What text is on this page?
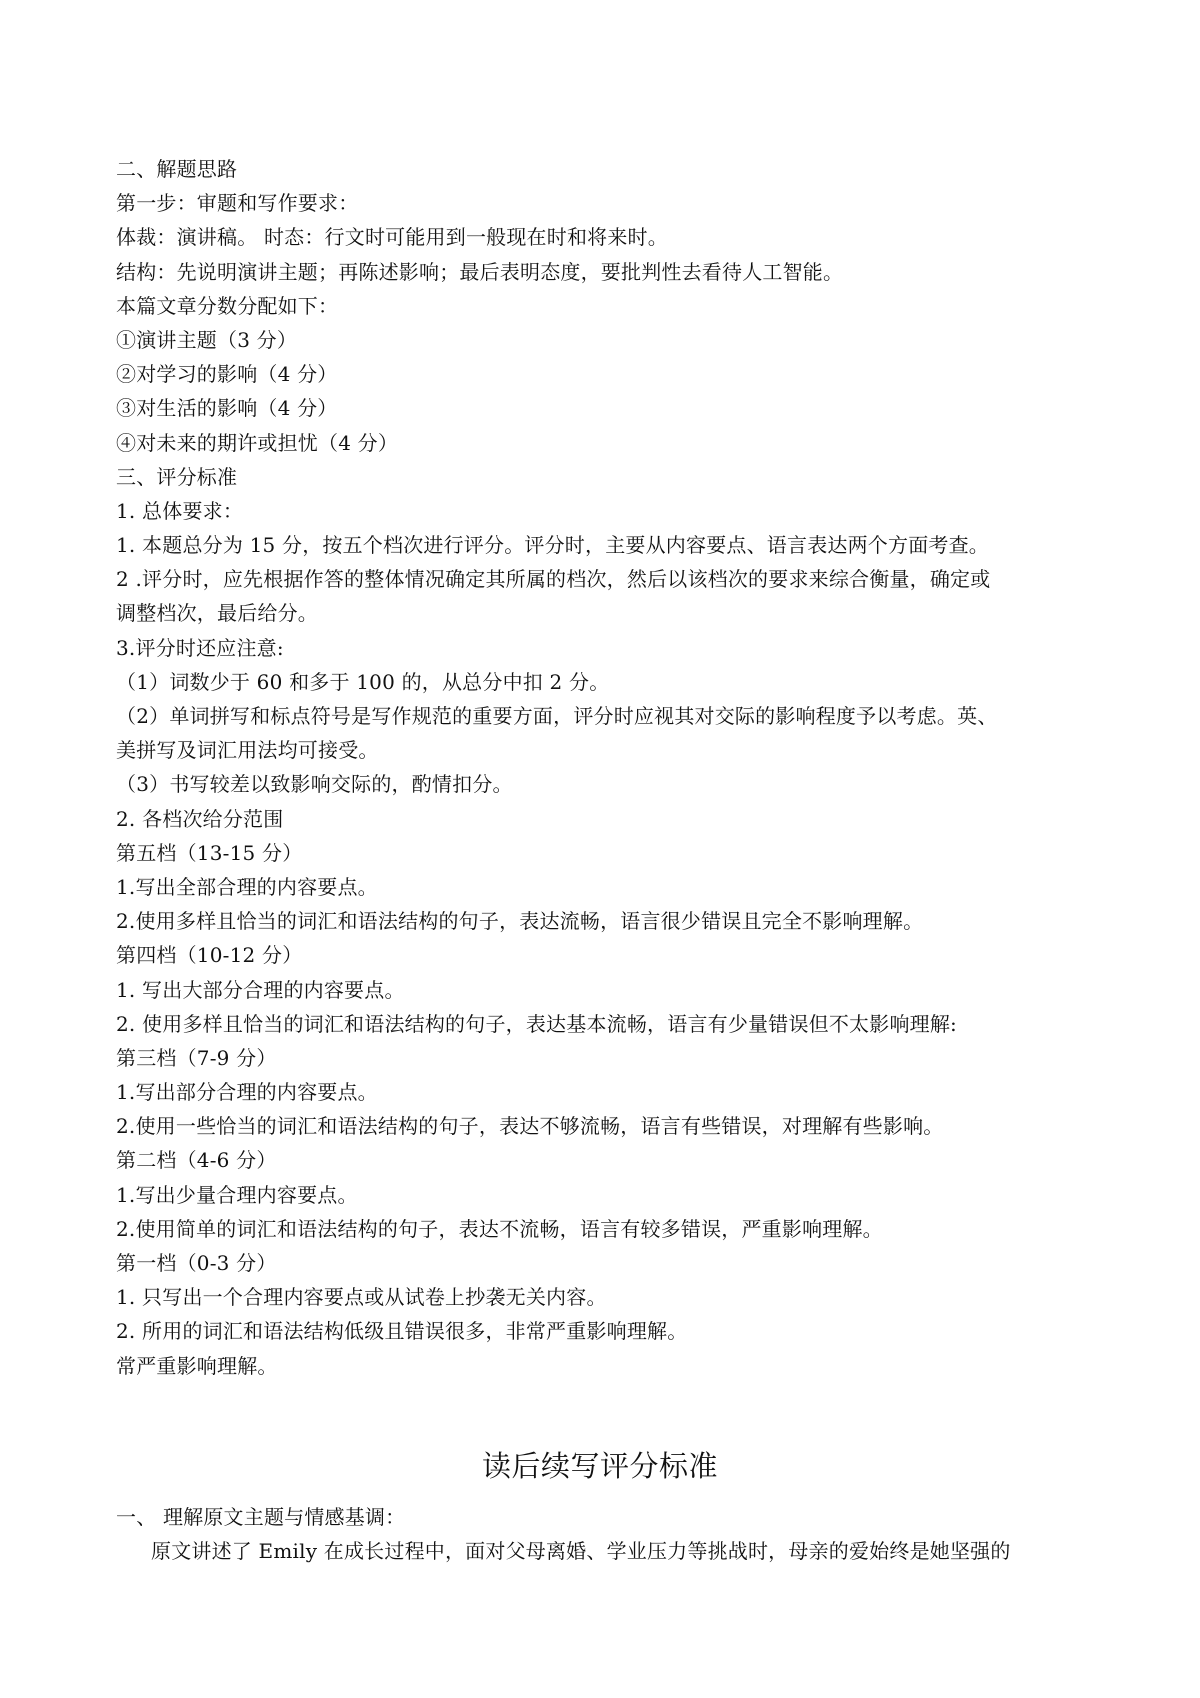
二、解题思路
第一步：审题和写作要求：
体裁：演讲稿。 时态：行文时可能用到一般现在时和将来时。
结构：先说明演讲主题；再陈述影响；最后表明态度，要批判性去看待人工智能。
本篇文章分数分配如下：
①演讲主题（3 分）
②对学习的影响（4 分）
③对生活的影响（4 分）
④对未来的期许或担忧（4 分）
三、评分标准
1. 总体要求：
1. 本题总分为 15 分，按五个档次进行评分。评分时，主要从内容要点、语言表达两个方面考查。
2 .评分时，应先根据作答的整体情况确定其所属的档次，然后以该档次的要求来综合衡量，确定或
调整档次，最后给分。
3.评分时还应注意:
（1）词数少于 60 和多于 100 的，从总分中扣 2 分。
（2）单词拼写和标点符号是写作规范的重要方面，评分时应视其对交际的影响程度予以考虑。英、
美拼写及词汇用法均可接受。
（3）书写较差以致影响交际的，酌情扣分。
2. 各档次给分范围
第五档（13-15 分）
1.写出全部合理的内容要点。
2.使用多样且恰当的词汇和语法结构的句子，表达流畅，语言很少错误且完全不影响理解。
第四档（10-12 分）
1. 写出大部分合理的内容要点。
2. 使用多样且恰当的词汇和语法结构的句子，表达基本流畅，语言有少量错误但不太影响理解:
第三档（7-9 分）
1.写出部分合理的内容要点。
2.使用一些恰当的词汇和语法结构的句子，表达不够流畅，语言有些错误，对理解有些影响。
第二档（4-6 分）
1.写出少量合理内容要点。
2.使用简单的词汇和语法结构的句子，表达不流畅，语言有较多错误，严重影响理解。
第一档（0-3 分）
1. 只写出一个合理内容要点或从试卷上抄袭无关内容。
2. 所用的词汇和语法结构低级且错误很多，非常严重影响理解。
常严重影响理解。
读后续写评分标准
一、 理解原文主题与情感基调：
原文讲述了 Emily 在成长过程中，面对父母离婚、学业压力等挑战时，母亲的爱始终是她坚强的
